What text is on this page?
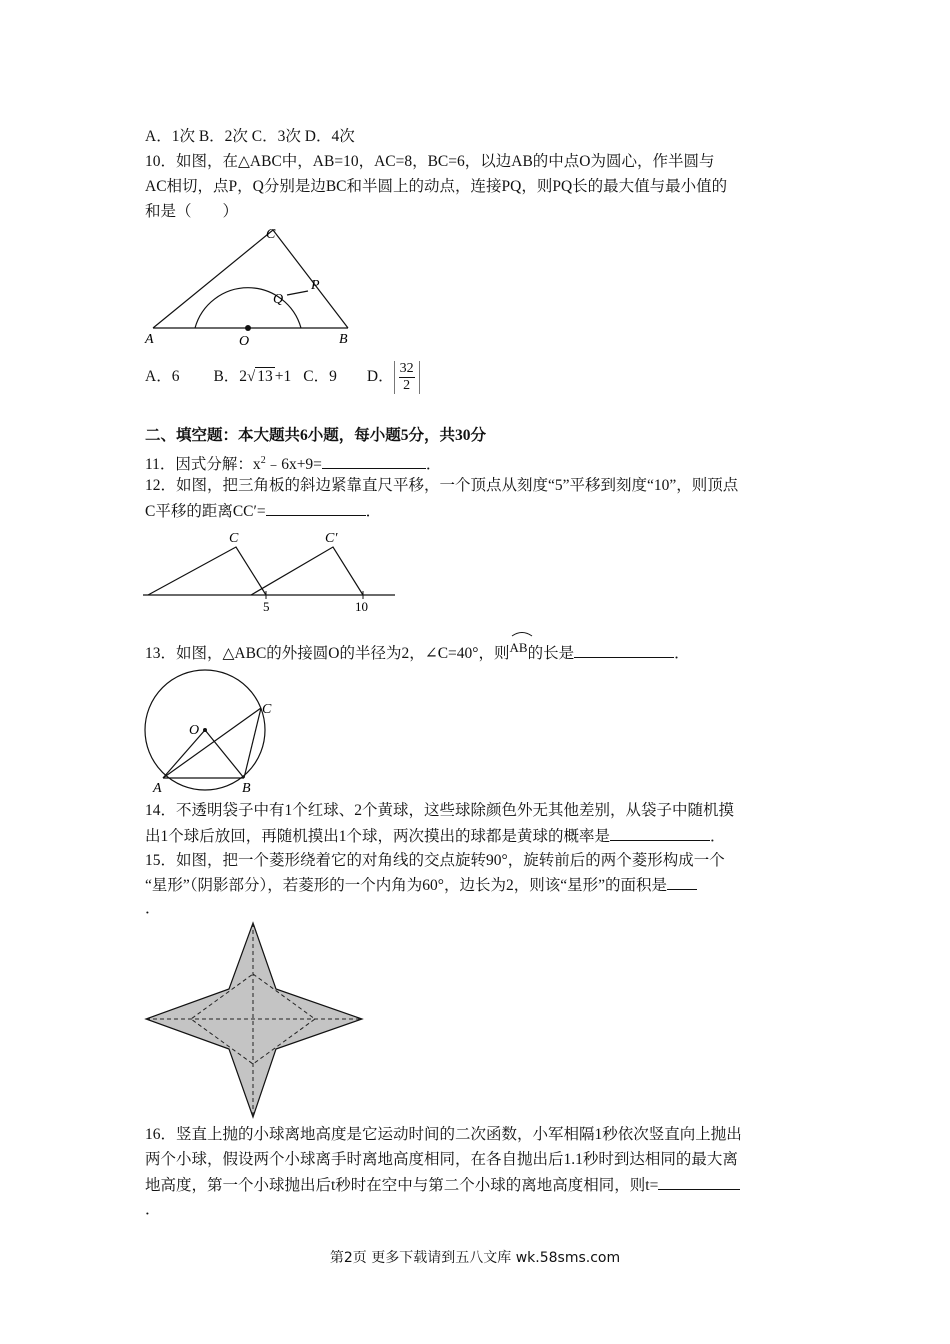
A．1次 B．2次 C．3次 D．4次
10．如图，在△ABC中，AB=10，AC=8，BC=6，以边AB的中点O为圆心，作半圆与
AC相切，点P，Q分别是边BC和半圆上的动点，连接PQ，则PQ长的最大值与最小值的
和是（　　）
C
P
Q
A	O	B
A．6 B．2√ 13 +1 C．9 D． $\frac{32}{2}$
二、填空题：本大题共6小题，每小题5分，共30分
11．因式分解：$x^2﹣6x+9=$	．
12．如图，把三角板的斜边紧靠直尺平移，一个顶点从刻度“5”平移到刻度“10”，则顶点
C平移的距离CC′=	．
C	C′
5	10
13．如图，△ABC的外接圆O的半径为2，∠C=40°，则
AB的长是	．
O
C
A	B
14．不透明袋子中有1个红球、2个黄球，这些球除颜色外无其他差别，从袋子中随机摸
出1个球后放回，再随机摸出1个球，两次摸出的球都是黄球的概率是	．
15．如图，把一个菱形绕着它的对角线的交点旋转90°，旋转前后的两个菱形构成一个
“星形”（阴影部分），若菱形的一个内角为60°，边长为2，则该“星形”的面积是
．
16．竖直上抛的小球离地高度是它运动时间的二次函数，小军相隔1秒依次竖直向上抛出
两个小球，假设两个小球离手时离地高度相同，在各自抛出后1.1秒时到达相同的最大离
地高度，第一个小球抛出后t秒时在空中与第二个小球的离地高度相同，则t=
．
第2页 更多下载请到五八文库 wk.58sms.com
